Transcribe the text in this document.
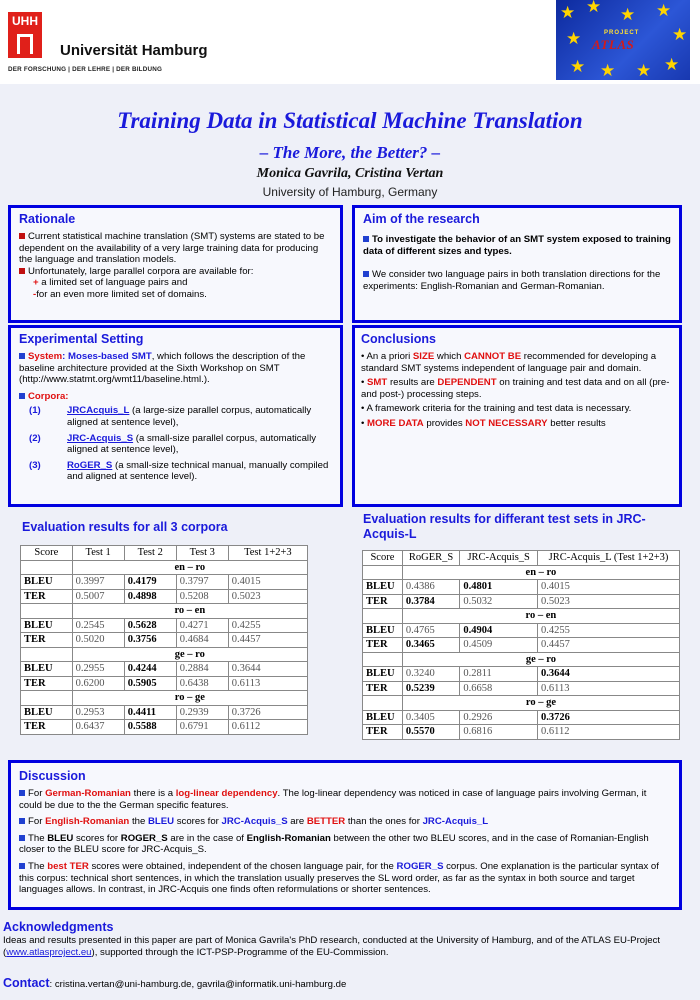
UHH
Universität Hamburg
DER FORSCHUNG | DER LEHRE | DER BILDUNG
★ ★	★
★
★
★ ★ ★ ★
★
PROJECT
ATLAS
Training Data in Statistical Machine Translation
– The More, the Better? –
Monica Gavrila, Cristina Vertan
University of Hamburg, Germany
Rationale

Current statistical machine translation (SMT) systems are stated to be dependent on the availability of a very large training data for producing the language and translation models.

Unfortunately, large parallel corpora are available for:

+ a limited set of language pairs and

-for an even more limited set of domains.

Aim of the research

To investigate the behavior of an SMT system exposed to training data of different sizes and types.

We consider two language pairs in both translation directions for the experiments: English-Romanian and German-Romanian.

Experimental Setting

System: Moses-based SMT, which follows the description of the baseline architecture provided at the Sixth Workshop on SMT (http://www.statmt.org/wmt11/baseline.html.).

Corpora:

(1)	JRCAcquis_L (a large-size parallel corpus, automatically aligned at sentence level),

(2)	JRC-Acquis_S (a small-size parallel corpus, automatically aligned at sentence level),

(3)	RoGER_S (a small-size technical manual, manually compiled and aligned at sentence level).

Conclusions

• An a priori SIZE which CANNOT BE recommended for developing a standard SMT systems independent of language pair and domain.

• SMT results are DEPENDENT on training and test data and on all (pre- and post-) processing steps.

• A framework criteria for the training and test data is necessary.

• MORE DATA provides NOT NECESSARY better results

Evaluation results for all 3 corpora
Score	Test 1	Test 2	Test 3	Test 1+2+3
	en – ro			
BLEU	0.3997	0.4179	0.3797	0.4015
TER	0.5007	0.4898	0.5208	0.5023
	ro – en			
BLEU	0.2545	0.5628	0.4271	0.4255
TER	0.5020	0.3756	0.4684	0.4457
	ge – ro			
BLEU	0.2955	0.4244	0.2884	0.3644
TER	0.6200	0.5905	0.6438	0.6113
	ro – ge			
BLEU	0.2953	0.4411	0.2939	0.3726
TER	0.6437	0.5588	0.6791	0.6112
Evaluation results for differant test sets in JRC-Acquis-L
Score	RoGER_S	JRC-Acquis_S	JRC-Acquis_L (Test 1+2+3)
	en – ro		
BLEU	0.4386	0.4801	0.4015
TER	0.3784	0.5032	0.5023
	ro – en		
BLEU	0.4765	0.4904	0.4255
TER	0.3465	0.4509	0.4457
	ge – ro		
BLEU	0.3240	0.2811	0.3644
TER	0.5239	0.6658	0.6113
	ro – ge		
BLEU	0.3405	0.2926	0.3726
TER	0.5570	0.6816	0.6112
Discussion

For German-Romanian there is a log-linear dependency. The log-linear dependency was noticed in case of language pairs involving German, it could be due to the the German specific features.

For English-Romanian the BLEU scores for JRC-Acquis_S are BETTER than the ones for JRC-Acquis_L

The BLEU scores for ROGER_S are in the case of English-Romanian between the other two BLEU scores, and in the case of Romanian-English closer to the BLEU score for JRC-Acquis_S.

The best TER scores were obtained, independent of the chosen language pair, for the ROGER_S corpus. One explanation is the particular syntax of this corpus: technical short sentences, in which the translation usually preserves the SL word order, as far as the syntax in both source and target languages allows. In contrast, in JRC-Acquis one finds often reformulations or shorter sentences.

Acknowledgments
Ideas and results presented in this paper are part of Monica Gavrila's PhD research, conducted at the University of Hamburg, and of the ATLAS EU-Project (www.atlasproject.eu), supported through the ICT-PSP-Programme of the EU-Commission.
Contact: cristina.vertan@uni-hamburg.de, gavrila@informatik.uni-hamburg.de
